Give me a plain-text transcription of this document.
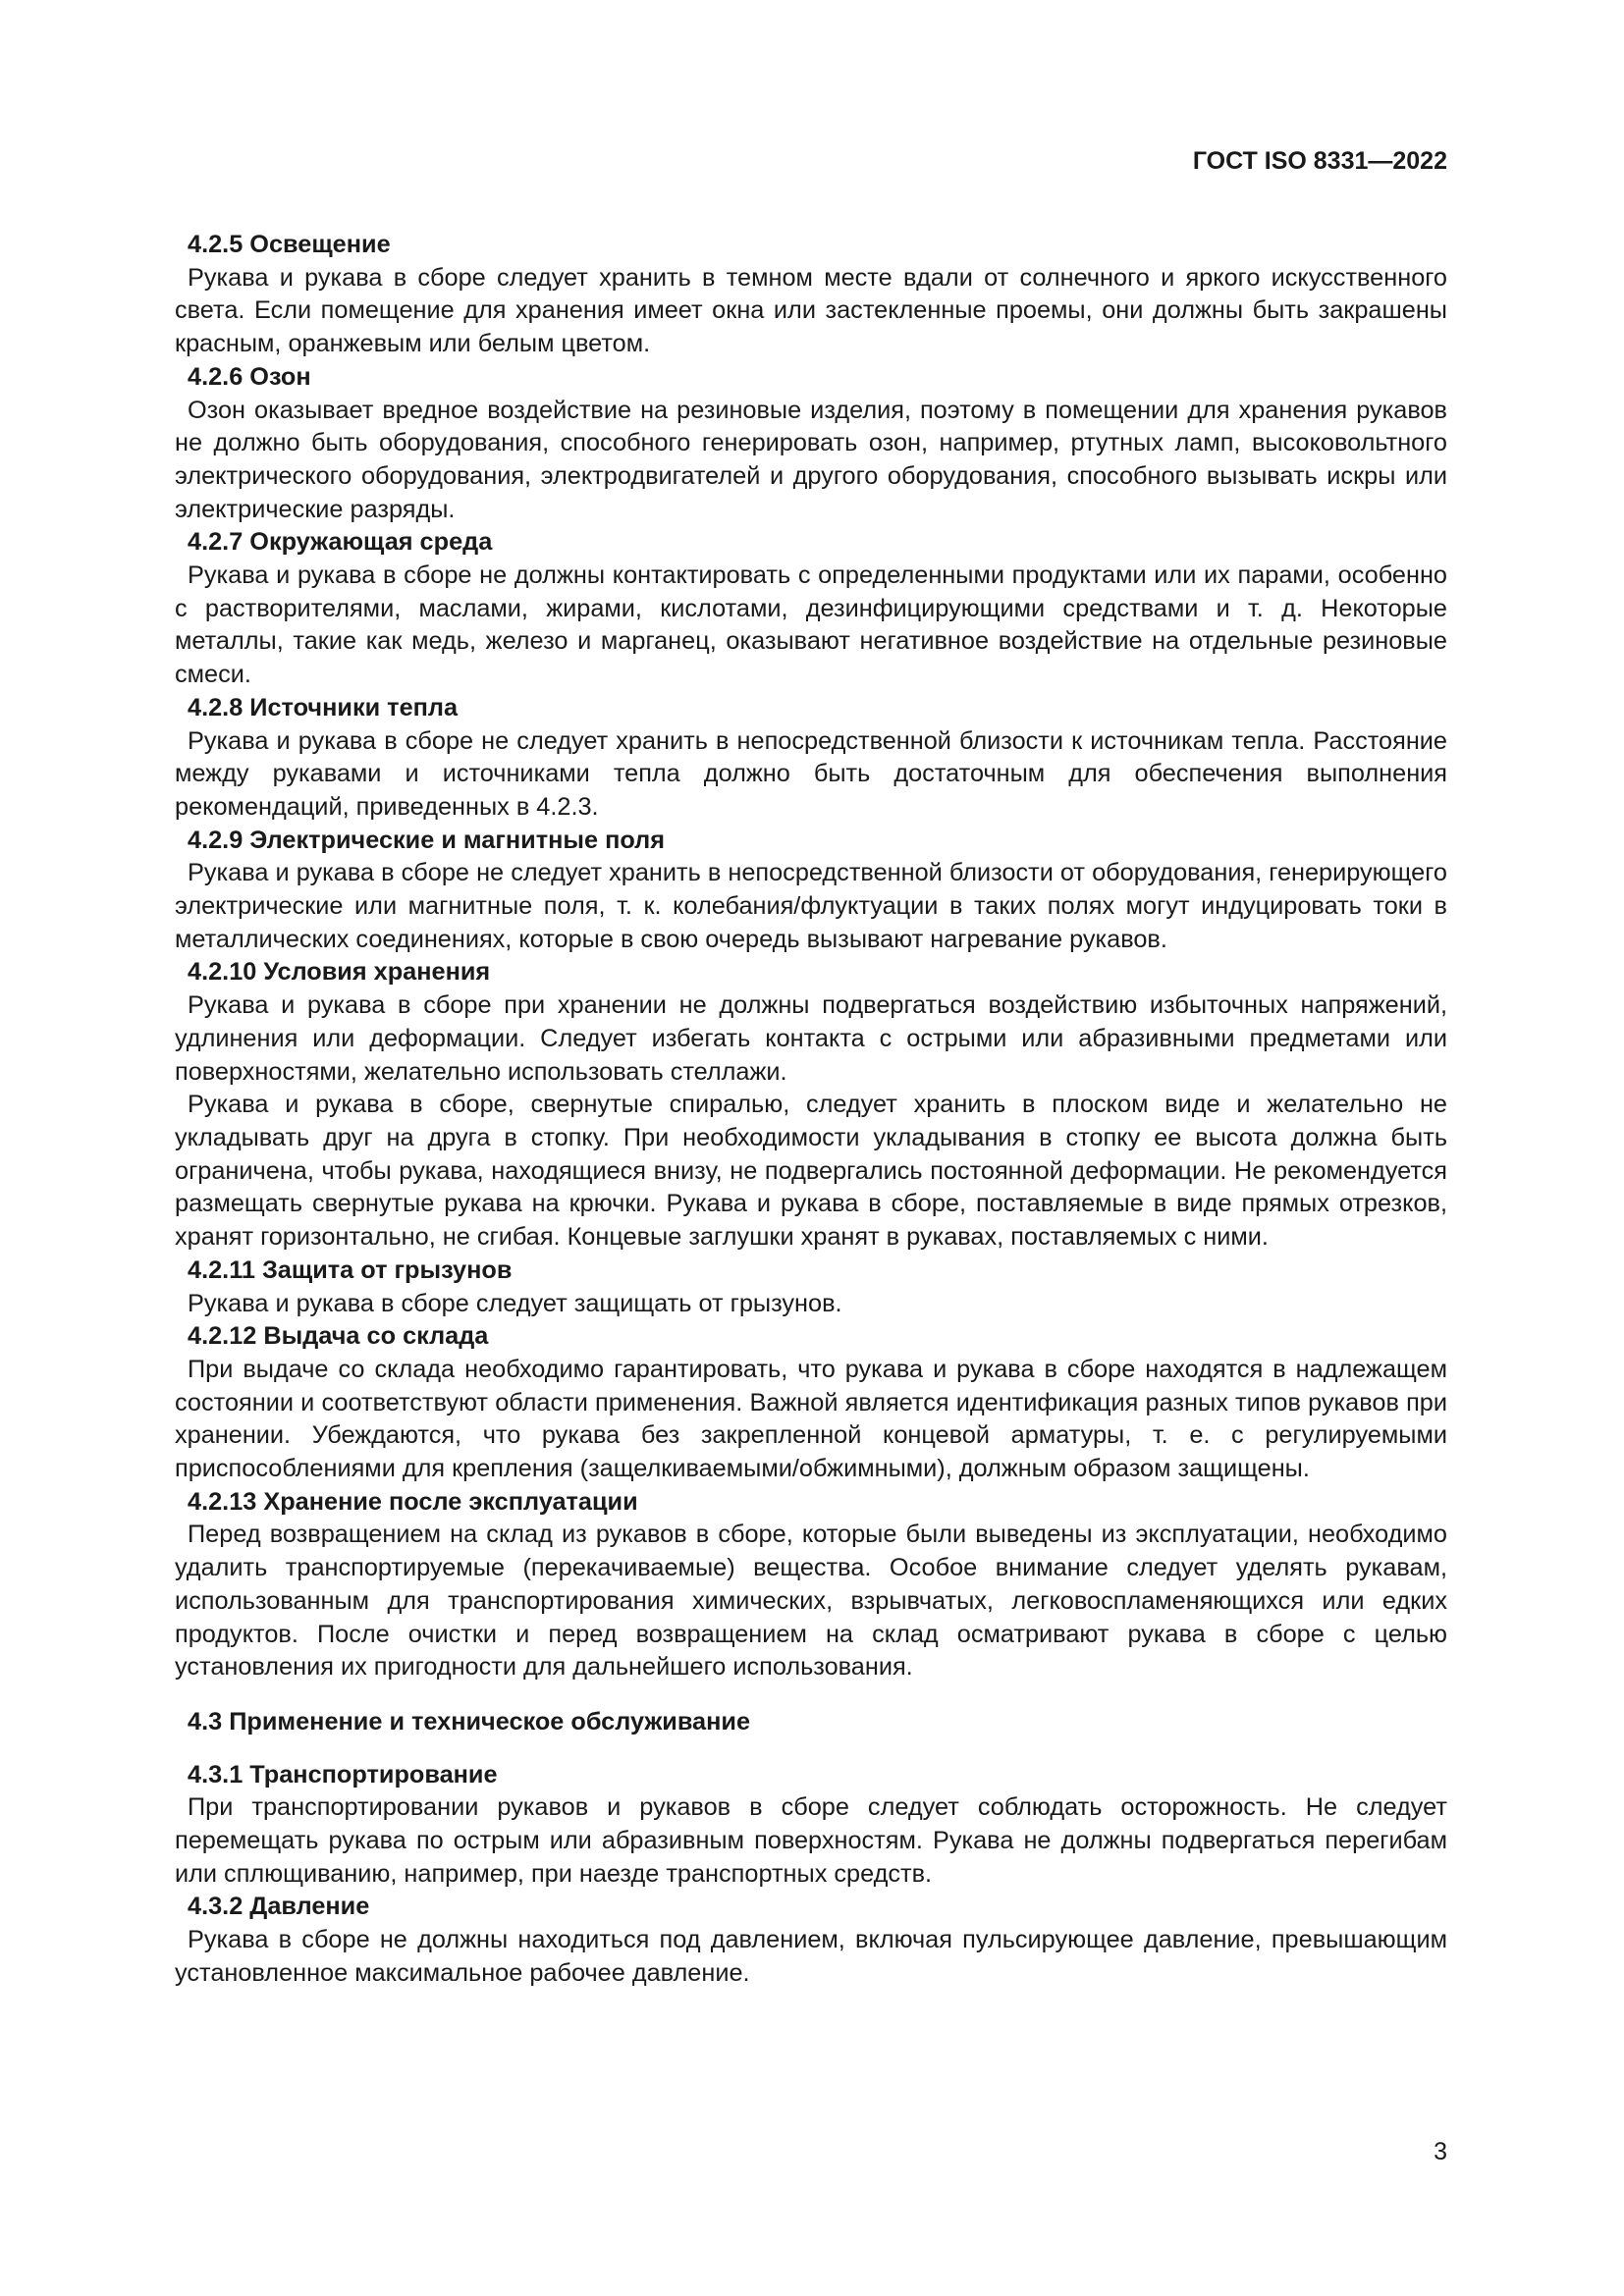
ГОСТ ISO 8331—2022
4.2.5 Освещение

Рукава и рукава в сборе следует хранить в темном месте вдали от солнечного и яркого искусственного света. Если помещение для хранения имеет окна или застекленные проемы, они должны быть закрашены красным, оранжевым или белым цветом.

4.2.6 Озон

Озон оказывает вредное воздействие на резиновые изделия, поэтому в помещении для хранения рукавов не должно быть оборудования, способного генерировать озон, например, ртутных ламп, высоковольтного электрического оборудования, электродвигателей и другого оборудования, способного вызывать искры или электрические разряды.

4.2.7 Окружающая среда

Рукава и рукава в сборе не должны контактировать с определенными продуктами или их парами, особенно с растворителями, маслами, жирами, кислотами, дезинфицирующими средствами и т. д. Некоторые металлы, такие как медь, железо и марганец, оказывают негативное воздействие на отдельные резиновые смеси.

4.2.8 Источники тепла

Рукава и рукава в сборе не следует хранить в непосредственной близости к источникам тепла. Расстояние между рукавами и источниками тепла должно быть достаточным для обеспечения выполнения рекомендаций, приведенных в 4.2.3.

4.2.9 Электрические и магнитные поля

Рукава и рукава в сборе не следует хранить в непосредственной близости от оборудования, генерирующего электрические или магнитные поля, т. к. колебания/флуктуации в таких полях могут индуцировать токи в металлических соединениях, которые в свою очередь вызывают нагревание рукавов.

4.2.10 Условия хранения

Рукава и рукава в сборе при хранении не должны подвергаться воздействию избыточных напряжений, удлинения или деформации. Следует избегать контакта с острыми или абразивными предметами или поверхностями, желательно использовать стеллажи.

Рукава и рукава в сборе, свернутые спиралью, следует хранить в плоском виде и желательно не укладывать друг на друга в стопку. При необходимости укладывания в стопку ее высота должна быть ограничена, чтобы рукава, находящиеся внизу, не подвергались постоянной деформации. Не рекомендуется размещать свернутые рукава на крючки. Рукава и рукава в сборе, поставляемые в виде прямых отрезков, хранят горизонтально, не сгибая. Концевые заглушки хранят в рукавах, поставляемых с ними.

4.2.11 Защита от грызунов

Рукава и рукава в сборе следует защищать от грызунов.

4.2.12 Выдача со склада

При выдаче со склада необходимо гарантировать, что рукава и рукава в сборе находятся в надлежащем состоянии и соответствуют области применения. Важной является идентификация разных типов рукавов при хранении. Убеждаются, что рукава без закрепленной концевой арматуры, т. е. с регулируемыми приспособлениями для крепления (защелкиваемыми/обжимными), должным образом защищены.

4.2.13 Хранение после эксплуатации

Перед возвращением на склад из рукавов в сборе, которые были выведены из эксплуатации, необходимо удалить транспортируемые (перекачиваемые) вещества. Особое внимание следует уделять рукавам, использованным для транспортирования химических, взрывчатых, легковоспламеняющихся или едких продуктов. После очистки и перед возвращением на склад осматривают рукава в сборе с целью установления их пригодности для дальнейшего использования.

4.3 Применение и техническое обслуживание
4.3.1 Транспортирование

При транспортировании рукавов и рукавов в сборе следует соблюдать осторожность. Не следует перемещать рукава по острым или абразивным поверхностям. Рукава не должны подвергаться перегибам или сплющиванию, например, при наезде транспортных средств.

4.3.2 Давление

Рукава в сборе не должны находиться под давлением, включая пульсирующее давление, превышающим установленное максимальное рабочее давление.

3
